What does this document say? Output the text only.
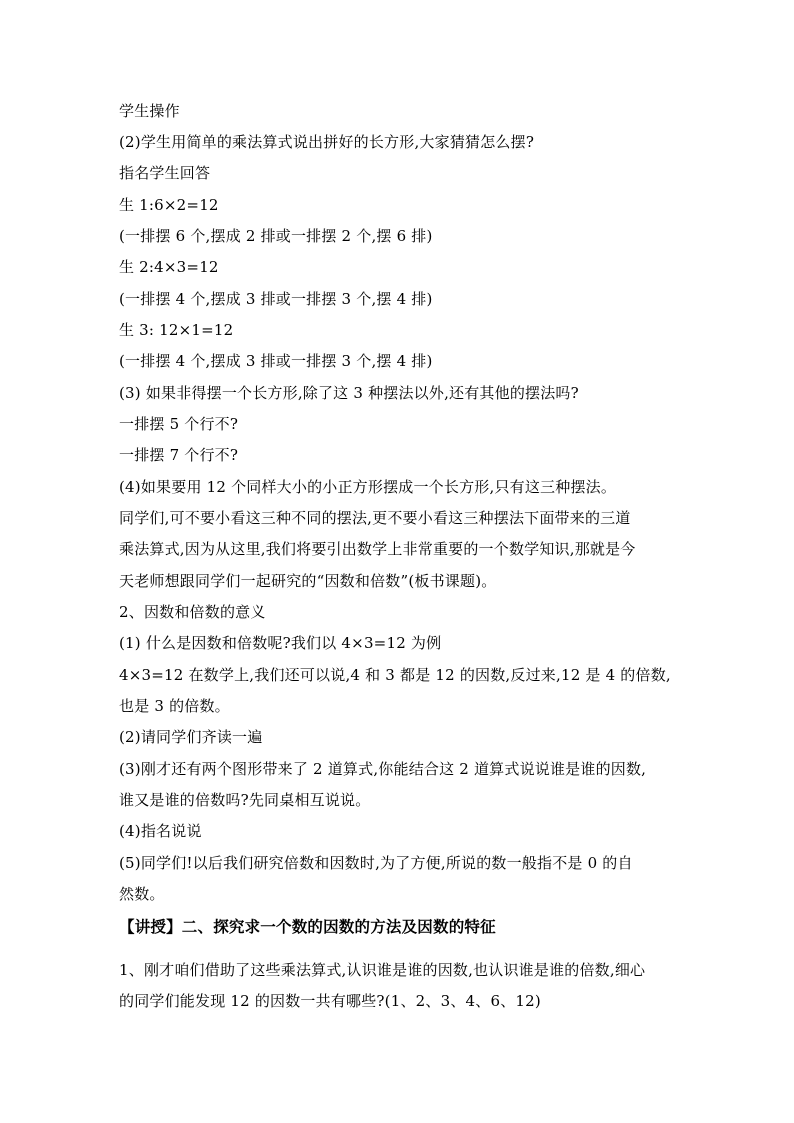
学生操作
(2)学生用简单的乘法算式说出拼好的长方形,大家猜猜怎么摆?
指名学生回答
生 1:6×2=12
(一排摆 6 个,摆成 2 排或一排摆 2 个,摆 6 排)
生 2:4×3=12
(一排摆 4 个,摆成 3 排或一排摆 3 个,摆 4 排)
生 3: 12×1=12
(一排摆 4 个,摆成 3 排或一排摆 3 个,摆 4 排)
(3) 如果非得摆一个长方形,除了这 3 种摆法以外,还有其他的摆法吗?
一排摆 5 个行不?
一排摆 7 个行不?
(4)如果要用 12 个同样大小的小正方形摆成一个长方形,只有这三种摆法。
同学们,可不要小看这三种不同的摆法,更不要小看这三种摆法下面带来的三道
乘法算式,因为从这里,我们将要引出数学上非常重要的一个数学知识,那就是今
天老师想跟同学们一起研究的“因数和倍数”(板书课题)。
2、因数和倍数的意义
(1) 什么是因数和倍数呢?我们以 4×3=12 为例
4×3=12 在数学上,我们还可以说,4 和 3 都是 12 的因数,反过来,12 是 4 的倍数,
也是 3 的倍数。
(2)请同学们齐读一遍
(3)刚才还有两个图形带来了 2 道算式,你能结合这 2 道算式说说谁是谁的因数,
谁又是谁的倍数吗?先同桌相互说说。
(4)指名说说
(5)同学们!以后我们研究倍数和因数时,为了方便,所说的数一般指不是 0 的自
然数。
【讲授】二、探究求一个数的因数的方法及因数的特征
1、刚才咱们借助了这些乘法算式,认识谁是谁的因数,也认识谁是谁的倍数,细心
的同学们能发现 12 的因数一共有哪些?(1、2、3、4、6、12)
